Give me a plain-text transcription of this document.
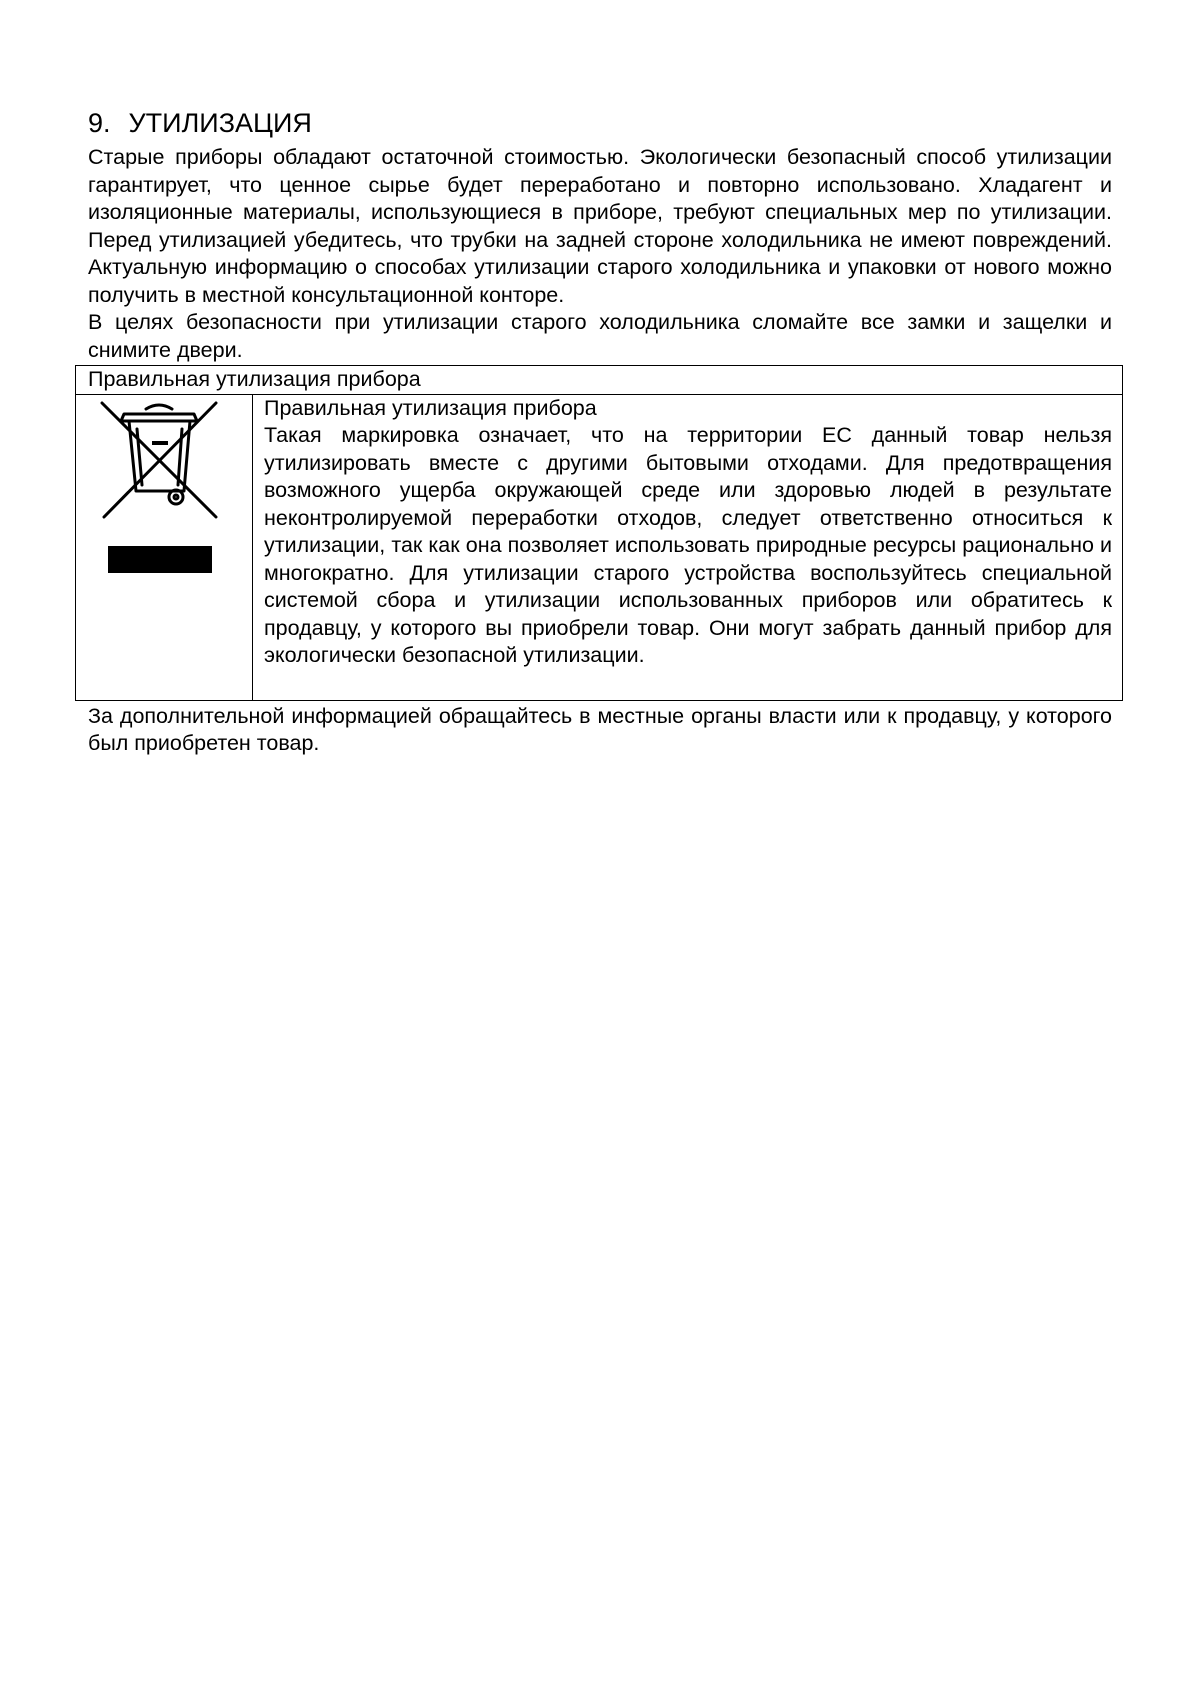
9. УТИЛИЗАЦИЯ

Старые приборы обладают остаточной стоимостью. Экологически безопасный способ утилизации гарантирует, что ценное сырье будет переработано и повторно использовано. Хладагент и изоляционные материалы, использующиеся в приборе, требуют специальных мер по утилизации. Перед утилизацией убедитесь, что трубки на задней стороне холодильника не имеют повреждений. Актуальную информацию о способах утилизации старого холодильника и упаковки от нового можно получить в местной консультационной конторе.

В целях безопасности при утилизации старого холодильника сломайте все замки и защелки и снимите двери.

Правильная утилизация прибора

Правильная утилизация прибора

Такая маркировка означает, что на территории ЕС данный товар нельзя утилизировать вместе с другими бытовыми отходами. Для предотвращения возможного ущерба окружающей среде или здоровью людей в результате неконтролируемой переработки отходов, следует ответственно относиться к утилизации, так как она позволяет использовать природные ресурсы рационально и многократно. Для утилизации старого устройства воспользуйтесь специальной системой сбора и утилизации использованных приборов или обратитесь к продавцу, у которого вы приобрели товар. Они могут забрать данный прибор для экологически безопасной утилизации.

За дополнительной информацией обращайтесь в местные органы власти или к продавцу, у которого был приобретен товар.
